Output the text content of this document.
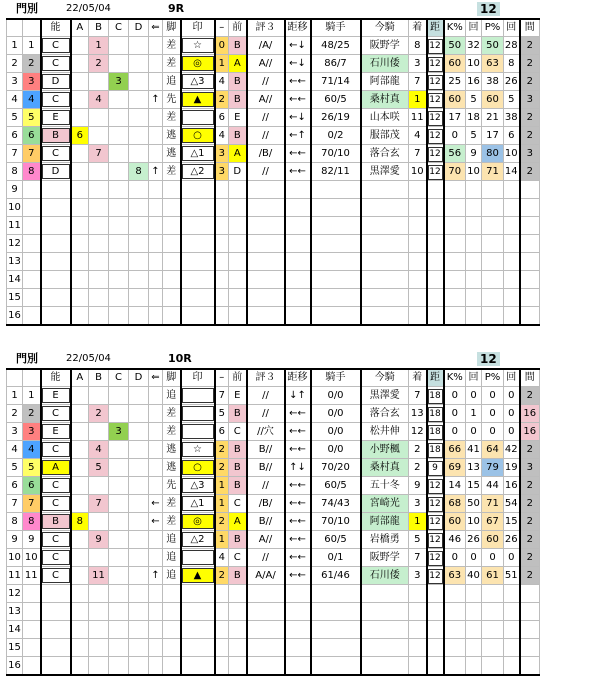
門別	22/05/04	9R	12
		能	A	B	C	D	⇐	脚	印	–	前	評３	距移	騎手	今騎	着	距	K%	回	P%	回	間
1	1	C		1				差	☆	0	B	/A/	←↓	48/25	阪野学	8	12	50	32	50	28	2
2	2	C		2				差	◎	1	A	A//	←↓	86/7	石川倭	3	12	60	10	63	8	2
3	3	D			3			追	△3	4	B	//	←←	71/14	阿部龍	7	12	25	16	38	26	2
4	4	C		4			↑	先	▲	2	B	A//	←←	60/5	桑村真	1	12	60	5	60	5	3
5	5	E						差		6	E	//	←↓	26/19	山本咲	11	12	17	18	21	38	2
6	6	B	6					逃	○	4	B	//	←↑	0/2	服部茂	4	12	0	5	17	6	2
7	7	C		7				逃	△1	3	A	/B/	←←	70/10	落合玄	7	12	56	9	80	10	3
8	8	D				8	↑	差	△2	3	D	//	←←	82/11	黒澤愛	10	12	70	10	71	14	2
9																						
10																						
11																						
12																						
13																						
14																						
15																						
16																						
門別	22/05/04	10R	12
		能	A	B	C	D	⇐	脚	印	–	前	評３	距移	騎手	今騎	着	距	K%	回	P%	回	間
1	1	E						追		7	E	//	↓↑	0/0	黒澤愛	7	18	0	0	0	0	2
2	2	C		2				差		5	B	//	←←	0/0	落合玄	13	18	0	1	0	0	16
3	3	E			3			差		6	C	//穴	←←	0/0	松井伸	12	18	0	0	0	0	16
4	4	C		4				逃	☆	2	B	B//	←←	0/0	小野楓	2	18	66	41	64	42	2
5	5	A		5				逃	○	2	B	B//	↑↓	70/20	桑村真	2	9	69	13	79	19	3
6	6	C						先	△3	1	B	//	←←	60/5	五十冬	9	12	14	15	44	16	2
7	7	C		7			←	差	△1	1	C	/B/	←←	74/43	宮崎光	3	12	68	50	71	54	2
8	8	B	8				←	差	◎	2	A	B//	←←	70/10	阿部龍	1	12	60	10	67	15	2
9	9	C		9				追	△2	1	B	A//	←←	60/5	岩橋勇	5	12	46	26	60	26	2
10	10	C						追		4	C	//	←←	0/1	阪野学	7	12	0	0	0	0	2
11	11	C		11			↑	追	▲	2	B	A/A/	←←	61/46	石川倭	3	12	63	40	61	51	2
12																						
13																						
14																						
15																						
16																						
